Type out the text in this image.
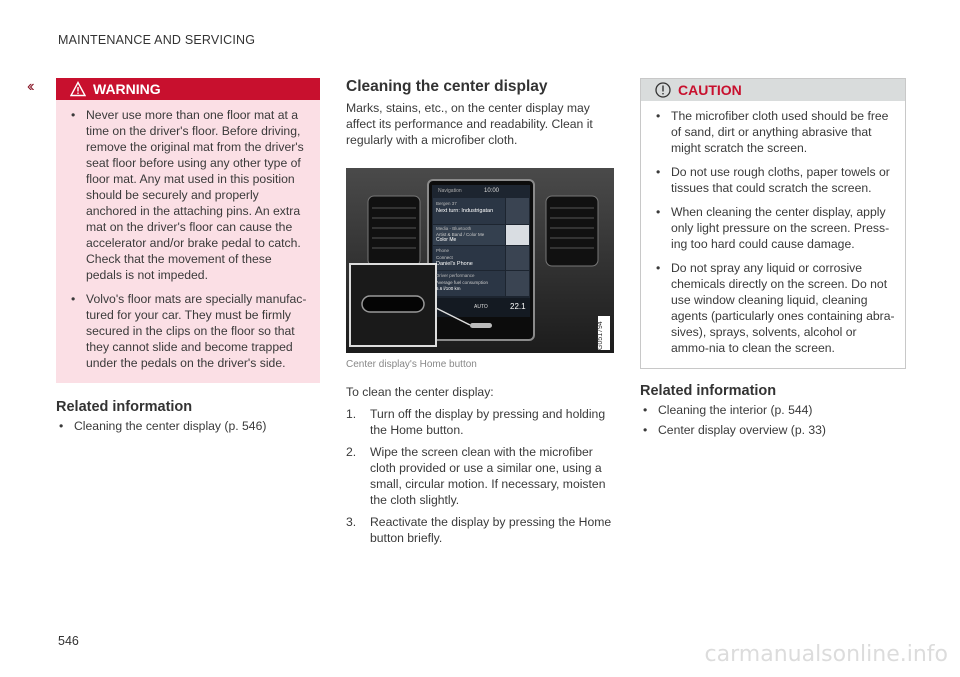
MAINTENANCE AND SERVICING
‹‹	WARNING
• Never use more than one floor mat at a time on the driver's floor. Before driving, remove the original mat from the driver's seat floor before using any other type of floor mat. Any mat used in this position should be securely and properly anchored in the attaching pins. An extra mat on the driver's floor can cause the accelerator and/or brake pedal to catch. Check that the movement of these pedals is not impeded.
• Volvo's floor mats are specially manufac-tured for your car. They must be firmly secured in the clips on the floor so that they cannot slide and become trapped under the pedals on the driver's side.
Related information
• Cleaning the center display (p. 546)
Cleaning the center display
Marks, stains, etc., on the center display may affect its performance and readability. Clean it regularly with a microfiber cloth.
Navigation	10:00
Bergen 37
Next turn: Industrigatan
Media - Bluetooth
Artist & Band / Color Me
Color Me
Phone
Connect
Daniel's Phone
Driver performance
Average fuel consumption
6.6 l/100 km
AUTO	22.1
G051794
Center display's Home button
To clean the center display:
1. Turn off the display by pressing and holding the Home button.
2. Wipe the screen clean with the microfiber cloth provided or use a similar one, using a small, circular motion. If necessary, moisten the cloth slightly.
3. Reactivate the display by pressing the Home button briefly.
CAUTION
• The microfiber cloth used should be free of sand, dirt or anything abrasive that might scratch the screen.
• Do not use rough cloths, paper towels or tissues that could scratch the screen.
• When cleaning the center display, apply only light pressure on the screen. Press-ing too hard could cause damage.
• Do not spray any liquid or corrosive chemicals directly on the screen. Do not use window cleaning liquid, cleaning agents (particularly ones containing abra-sives), sprays, solvents, alcohol or ammo-nia to clean the screen.
Related information
• Cleaning the interior (p. 544)
• Center display overview (p. 33)
546
carmanualsonline.info
